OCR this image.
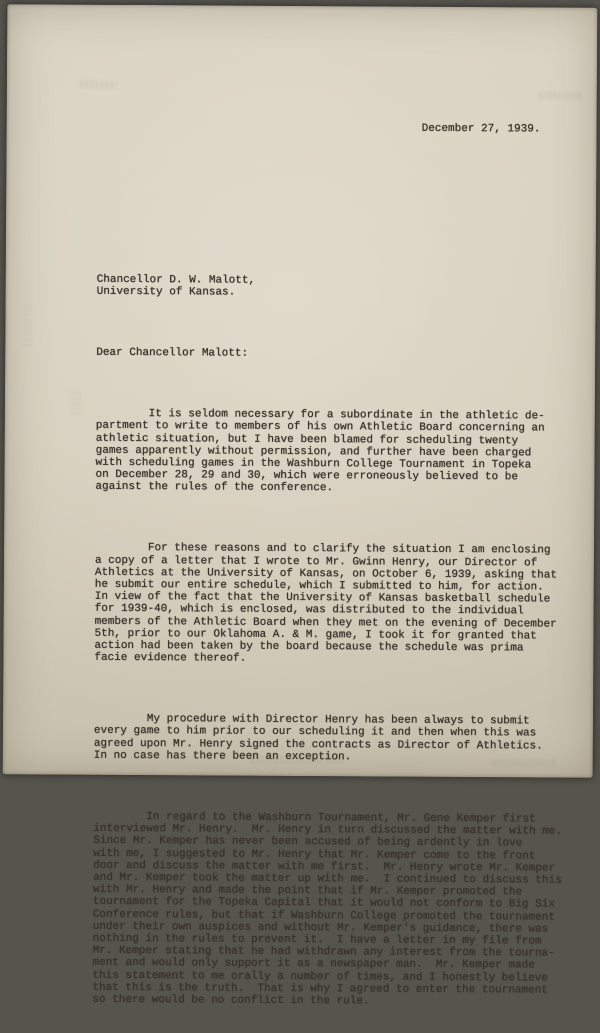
December 27, 1939.

Chancellor D. W. Malott,
University of Kansas.

Dear Chancellor Malott:

It is seldom necessary for a subordinate in the athletic de-
partment to write to members of his own Athletic Board concerning an
athletic situation, but I have been blamed for scheduling twenty
games apparently without permission, and further have been charged
with scheduling games in the Washburn College Tournament in Topeka
on December 28, 29 and 30, which were erroneously believed to be
against the rules of the conference.

For these reasons and to clarify the situation I am enclosing
a copy of a letter that I wrote to Mr. Gwinn Henry, our Director of
Athletics at the University of Kansas, on October 6, 1939, asking that
he submit our entire schedule, which I submitted to him, for action.
In view of the fact that the University of Kansas basketball schedule
for 1939-40, which is enclosed, was distributed to the individual
members of the Athletic Board when they met on the evening of December
5th, prior to our Oklahoma A. & M. game, I took it for granted that
action had been taken by the board because the schedule was prima
facie evidence thereof.

My procedure with Director Henry has been always to submit
every game to him prior to our scheduling it and then when this was
agreed upon Mr. Henry signed the contracts as Director of Athletics.
In no case has there been an exception.

In regard to the Washburn Tournament, Mr. Gene Kemper first
interviewed Mr. Henry.  Mr. Henry in turn discussed the matter with me.
Since Mr. Kemper has never been accused of being ardently in love
with me, I suggested to Mr. Henry that Mr. Kemper come to the front
door and discuss the matter with me first.  Mr. Henry wrote Mr. Kemper
and Mr. Kemper took the matter up with me.  I continued to discuss this
with Mr. Henry and made the point that if Mr. Kemper promoted the
tournament for the Topeka Capital that it would not conform to Big Six
Conference rules, but that if Washburn College promoted the tournament
under their own auspices and without Mr. Kemper's guidance, there was
nothing in the rules to prevent it.  I have a letter in my file from
Mr. Kemper stating that he had withdrawn any interest from the tourna-
ment and would only support it as a newspaper man.  Mr. Kemper made
this statement to me orally a number of times, and I honestly believe
that this is the truth.  That is why I agreed to enter the tournament
so there would be no conflict in the rule.
